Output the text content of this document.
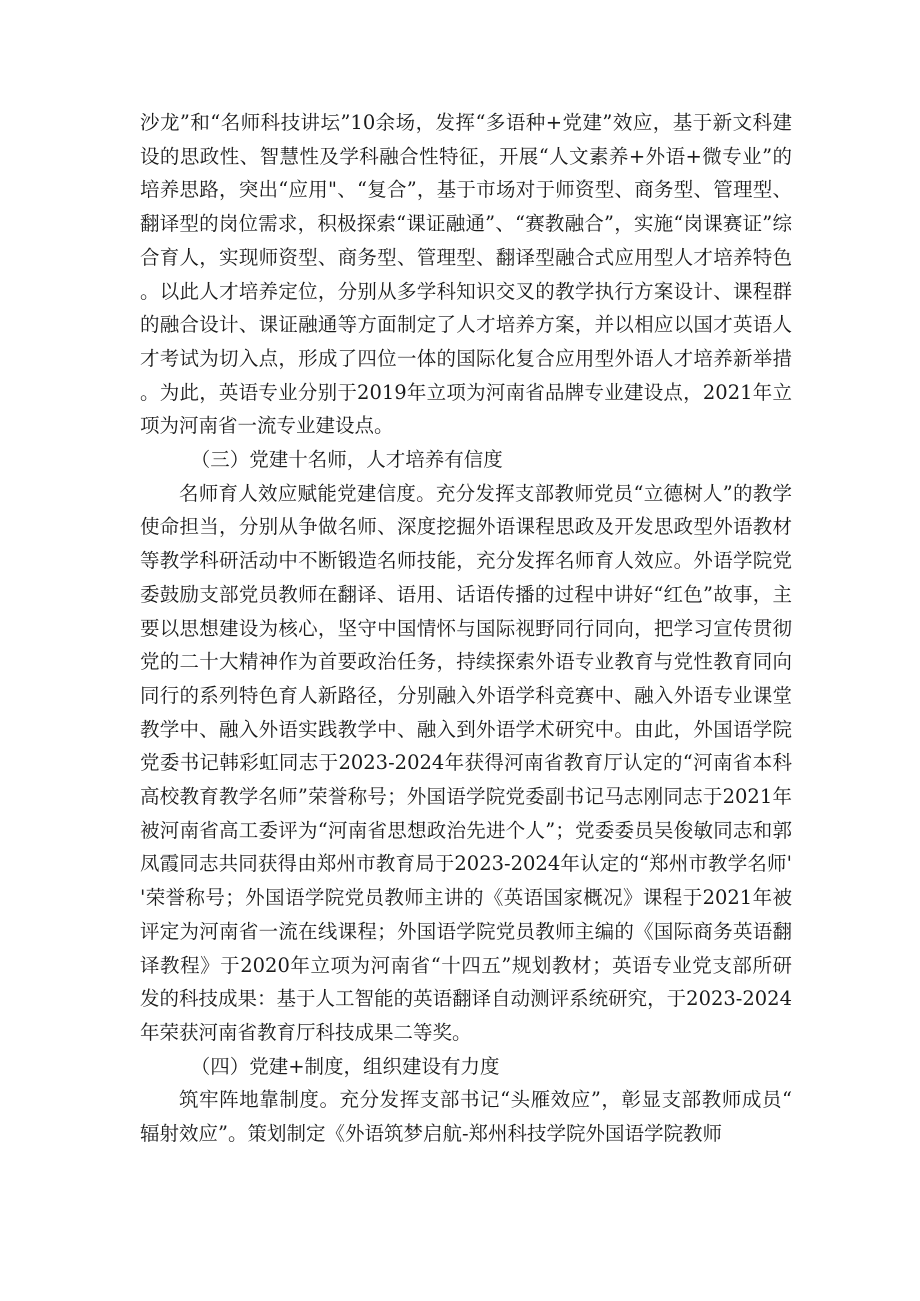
沙龙”和“名师科技讲坛”10余场，发挥“多语种+党建”效应，基于新文科建设的思政性、智慧性及学科融合性特征，开展“人文素养+外语+微专业”的培养思路，突出“应用"、“复合”，基于市场对于师资型、商务型、管理型、翻译型的岗位需求，积极探索“课证融通”、“赛教融合”，实施“岗课赛证”综合育人，实现师资型、商务型、管理型、翻译型融合式应用型人才培养特色。以此人才培养定位，分别从多学科知识交叉的教学执行方案设计、课程群的融合设计、课证融通等方面制定了人才培养方案，并以相应以国才英语人才考试为切入点，形成了四位一体的国际化复合应用型外语人才培养新举措。为此，英语专业分别于2019年立项为河南省品牌专业建设点，2021年立项为河南省一流专业建设点。

（三）党建十名师，人才培养有信度

名师育人效应赋能党建信度。充分发挥支部教师党员“立德树人”的教学使命担当，分别从争做名师、深度挖掘外语课程思政及开发思政型外语教材等教学科研活动中不断锻造名师技能，充分发挥名师育人效应。外语学院党委鼓励支部党员教师在翻译、语用、话语传播的过程中讲好“红色”故事，主要以思想建设为核心，坚守中国情怀与国际视野同行同向，把学习宣传贯彻党的二十大精神作为首要政治任务，持续探索外语专业教育与党性教育同向同行的系列特色育人新路径，分别融入外语学科竞赛中、融入外语专业课堂教学中、融入外语实践教学中、融入到外语学术研究中。由此，外国语学院党委书记韩彩虹同志于2023-2024年获得河南省教育厅认定的“河南省本科高校教育教学名师”荣誉称号；外国语学院党委副书记马志刚同志于2021年被河南省高工委评为“河南省思想政治先进个人”；党委委员吴俊敏同志和郭凤霞同志共同获得由郑州市教育局于2023-2024年认定的“郑州市教学名师''荣誉称号；外国语学院党员教师主讲的《英语国家概况》课程于2021年被评定为河南省一流在线课程；外国语学院党员教师主编的《国际商务英语翻译教程》于2020年立项为河南省“十四五”规划教材；英语专业党支部所研发的科技成果：基于人工智能的英语翻译自动测评系统研究，于2023-2024年荣获河南省教育厅科技成果二等奖。

（四）党建+制度，组织建设有力度

筑牢阵地靠制度。充分发挥支部书记“头雁效应”，彰显支部教师成员“辐射效应”。策划制定《外语筑梦启航-郑州科技学院外国语学院教师
